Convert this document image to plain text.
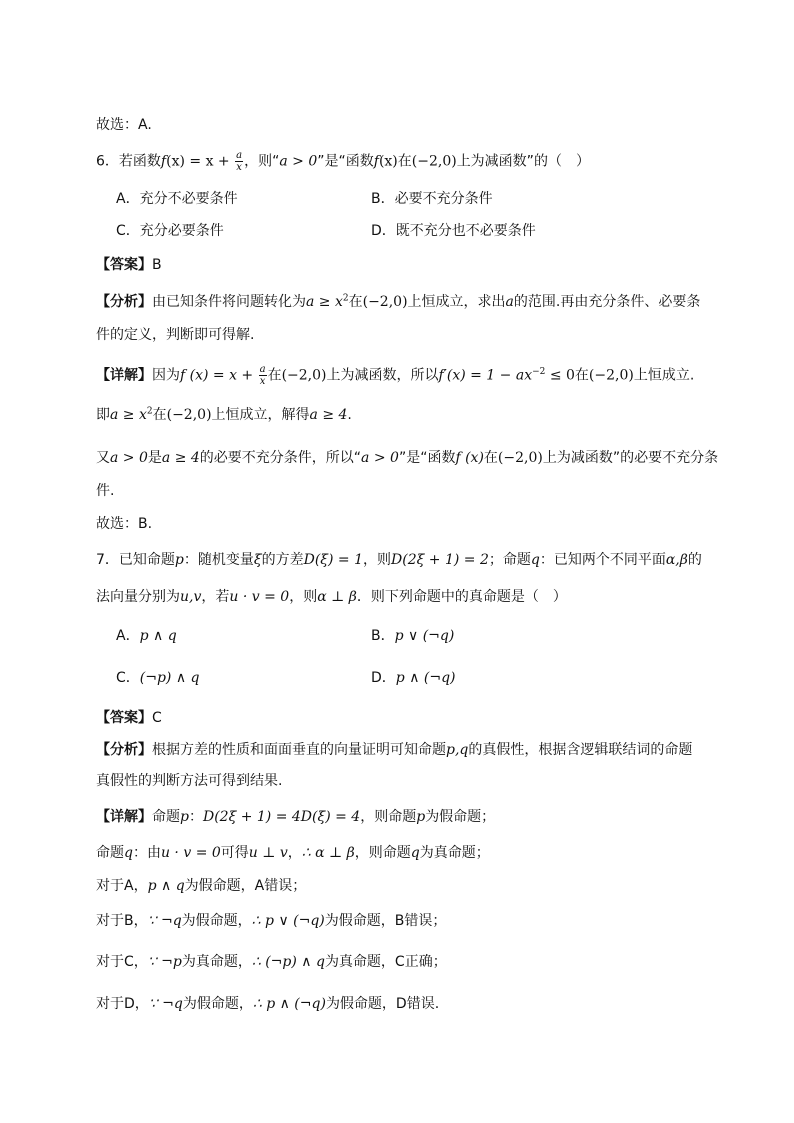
故选：A.
6．若函数$f(x) = x + \frac{a}{x}$ ，则“a > 0”是“函数f(x)在(−2,0)上为减函数”的（　）
A．充分不必要条件	B．必要不充分条件
C．充分必要条件	D．既不充分也不必要条件
【答案】B
【分析】由已知条件将问题转化为$a \ge x^2$在(−2,0)上恒成立，求出a的范围.再由充分条件、必要条
件的定义，判断即可得解.
【详解】因为f $(x) = x + \frac{a}{x}$ 在(−2,0)上为减函数，所以$f'(x) = 1 - ax^{-2} \le 0$在(−2,0)上恒成立.
即$a \ge x^2$在(−2,0)上恒成立，解得a ≥ 4.
又a > 0是a ≥ 4的必要不充分条件，所以“a > 0”是“函数f (x)在(−2,0)上为减函数”的必要不充分条
件.
故选：B.
7．已知命题p：随机变量ξ的方差D(ξ) = 1，则D(2ξ + 1) = 2；命题q：已知两个不同平面α,β的
法向量分别为u,v，若u · v = 0，则α ⊥ β．则下列命题中的真命题是（　）
A．p ∧ q	B．p ∨ (¬q)
C．(¬p) ∧ q	D．p ∧ (¬q)
【答案】C
【分析】根据方差的性质和面面垂直的向量证明可知命题p,q的真假性，根据含逻辑联结词的命题
真假性的判断方法可得到结果.
【详解】命题p：D(2ξ + 1) = 4D(ξ) = 4，则命题p为假命题；
命题q：由u · v = 0可得u ⊥ v，∴ α ⊥ β，则命题q为真命题；
对于A，p ∧ q为假命题，A错误；
对于B，∵ ¬q为假命题，∴ p ∨ (¬q)为假命题，B错误；
对于C，∵ ¬p为真命题，∴ (¬p) ∧ q为真命题，C正确；
对于D，∵ ¬q为假命题，∴ p ∧ (¬q)为假命题，D错误.
